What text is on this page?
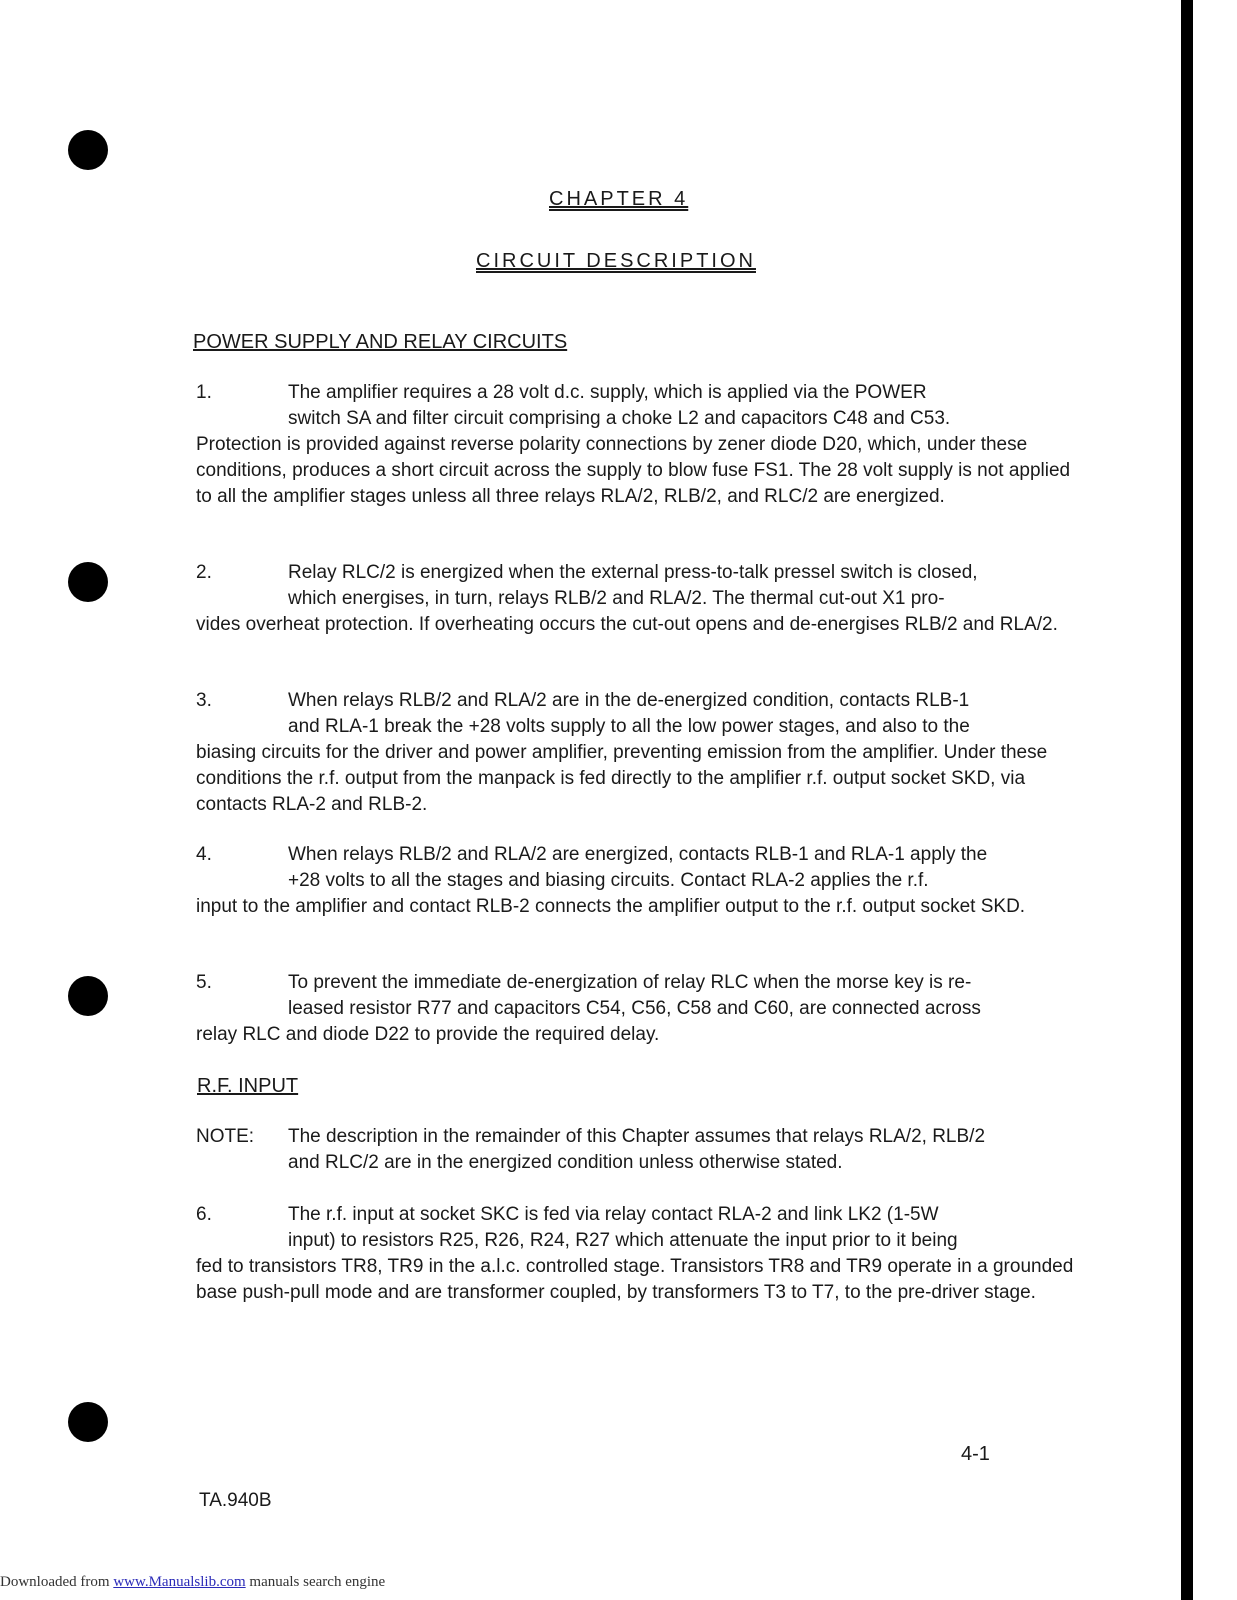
CHAPTER 4
CIRCUIT DESCRIPTION
POWER SUPPLY AND RELAY CIRCUITS
1.	The amplifier requires a 28 volt d.c. supply, which is applied via the POWER
switch SA and filter circuit comprising a choke L2 and capacitors C48 and C53.
Protection is provided against reverse polarity connections by zener diode D20, which, under these conditions, produces a short circuit across the supply to blow fuse FS1. The 28 volt supply is not applied to all the amplifier stages unless all three relays RLA/2, RLB/2, and RLC/2 are energized.
2.	Relay RLC/2 is energized when the external press-to-talk pressel switch is closed,
which energises, in turn, relays RLB/2 and RLA/2. The thermal cut-out X1 pro-
vides overheat protection. If overheating occurs the cut-out opens and de-energises RLB/2 and RLA/2.
3.	When relays RLB/2 and RLA/2 are in the de-energized condition, contacts RLB-1
and RLA-1 break the +28 volts supply to all the low power stages, and also to the
biasing circuits for the driver and power amplifier, preventing emission from the amplifier. Under these conditions the r.f. output from the manpack is fed directly to the amplifier r.f. output socket SKD, via contacts RLA-2 and RLB-2.
4.	When relays RLB/2 and RLA/2 are energized, contacts RLB-1 and RLA-1 apply the
+28 volts to all the stages and biasing circuits. Contact RLA-2 applies the r.f.
input to the amplifier and contact RLB-2 connects the amplifier output to the r.f. output socket SKD.
5.	To prevent the immediate de-energization of relay RLC when the morse key is re-
leased resistor R77 and capacitors C54, C56, C58 and C60, are connected across
relay RLC and diode D22 to provide the required delay.
R.F. INPUT
NOTE: The description in the remainder of this Chapter assumes that relays RLA/2, RLB/2
and RLC/2 are in the energized condition unless otherwise stated.
6.	The r.f. input at socket SKC is fed via relay contact RLA-2 and link LK2 (1-5W
input) to resistors R25, R26, R24, R27 which attenuate the input prior to it being
fed to transistors TR8, TR9 in the a.l.c. controlled stage. Transistors TR8 and TR9 operate in a grounded base push-pull mode and are transformer coupled, by transformers T3 to T7, to the pre-driver stage.
4-1
TA.940B
Downloaded from www.Manualslib.com manuals search engine
